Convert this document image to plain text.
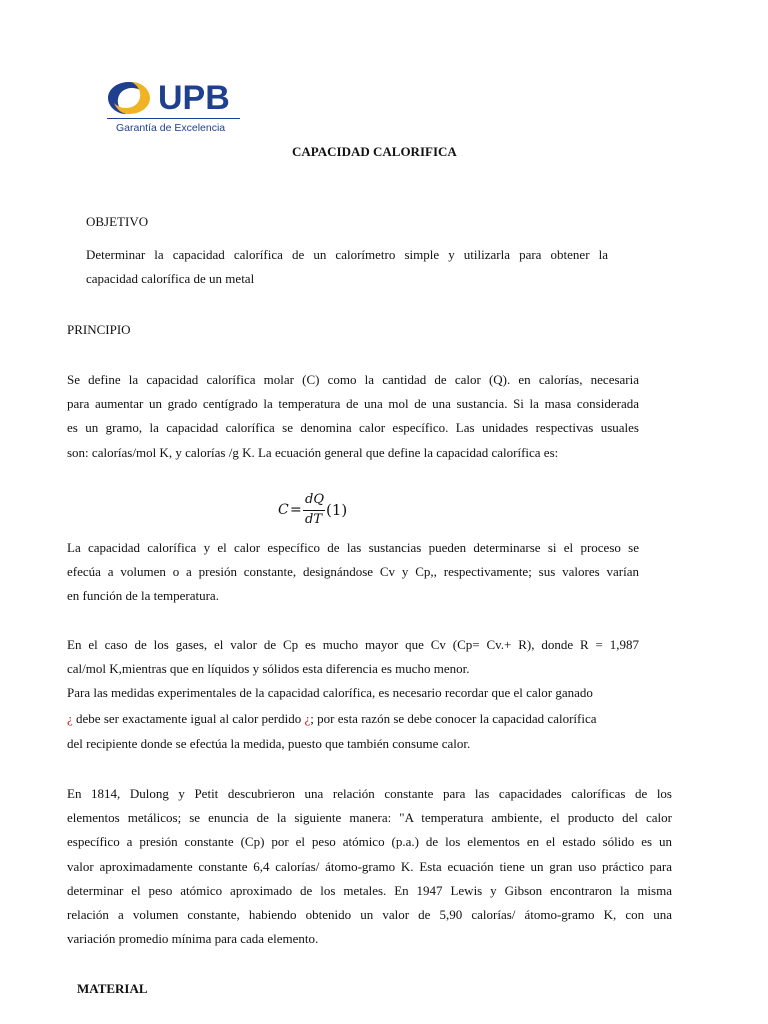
UPB
Garantía de Excelencia
CAPACIDAD CALORIFICA
OBJETIVO
Determinar la capacidad calorífica de un calorímetro simple y utilizarla para obtener la
capacidad calorífica de un metal
PRINCIPIO
Se define la capacidad calorífica molar (C) como la cantidad de calor (Q). en calorías, necesaria
para aumentar un grado centígrado la temperatura de una mol de una sustancia. Si la masa considerada
es un gramo, la capacidad calorífica se denomina calor específico. Las unidades respectivas usuales
son: calorías/mol K, y calorías /g K. La ecuación general que define la capacidad calorífica es:
C =
dQ
dT
(1)
La capacidad calorífica y el calor específico de las sustancias pueden determinarse si el proceso se
efecúa a volumen o a presión constante, designándose Cv y Cp,, respectivamente; sus valores varían
en función de la temperatura.
En el caso de los gases, el valor de Cp es mucho mayor que Cv (Cp= Cv.+ R), donde R = 1,987
cal/mol K,mientras que en líquidos y sólidos esta diferencia es mucho menor.
Para las medidas experimentales de la capacidad calorífica, es necesario recordar que el calor ganado
¿ debe ser exactamente igual al calor perdido ¿; por esta razón se debe conocer la capacidad calorífica
del recipiente donde se efectúa la medida, puesto que también consume calor.
En 1814, Dulong y Petit descubrieron una relación constante para las capacidades caloríficas de los
elementos metálicos; se enuncia de la siguiente manera: "A temperatura ambiente, el producto del calor
específico a presión constante (Cp) por el peso atómico (p.a.) de los elementos en el estado sólido es un
valor aproximadamente constante 6,4 calorías/ átomo-gramo K. Esta ecuación tiene un gran uso práctico para
determinar el peso atómico aproximado de los metales. En 1947 Lewis y Gibson encontraron la misma
relación a volumen constante, habiendo obtenido un valor de 5,90 calorías/ átomo-gramo K, con una
variación promedio mínima para cada elemento.
MATERIAL
